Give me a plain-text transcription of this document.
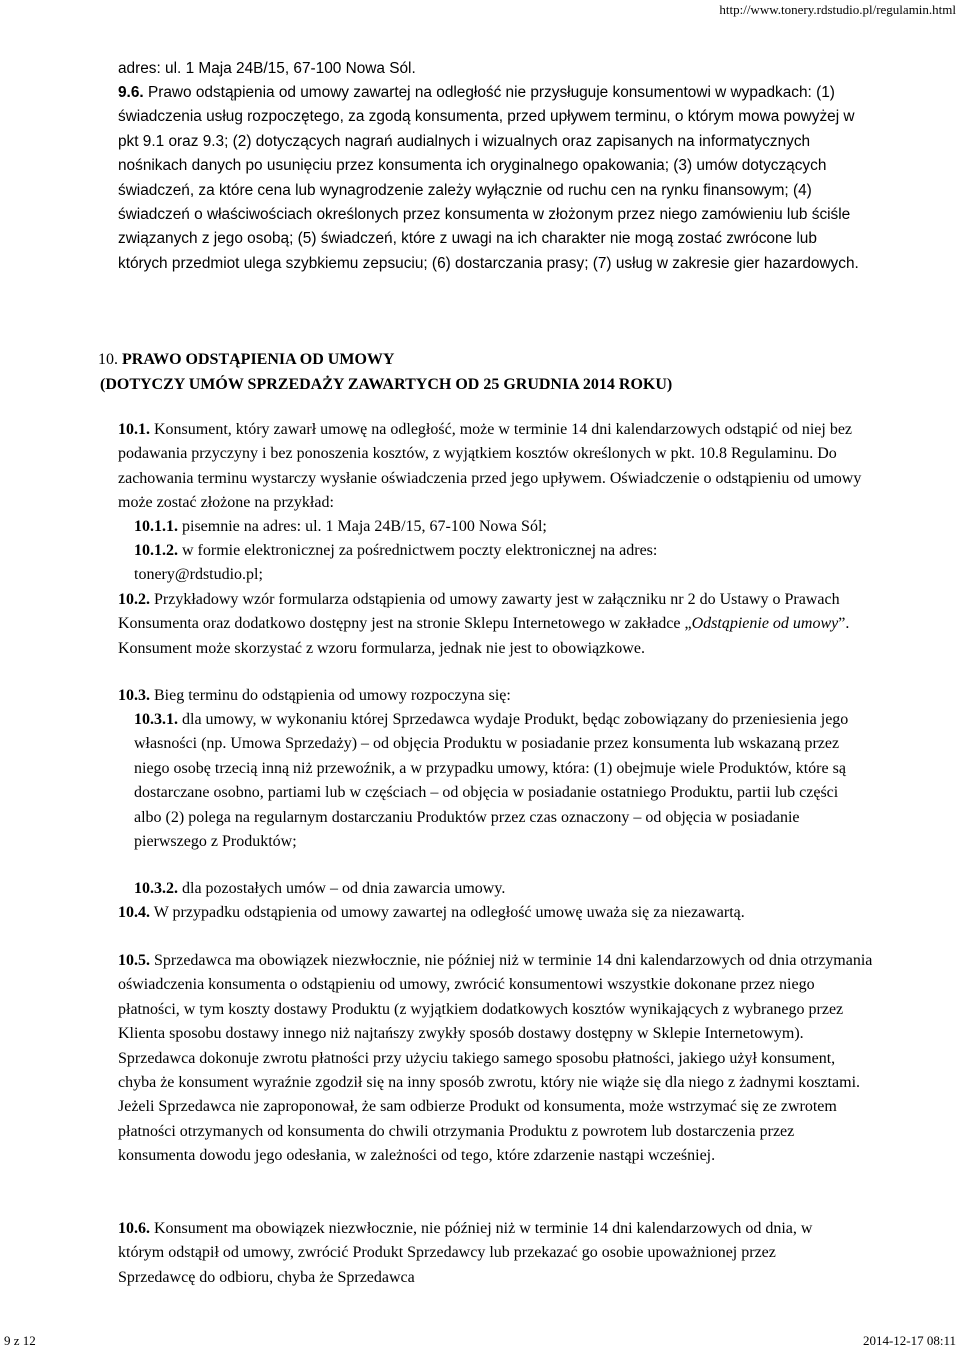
http://www.tonery.rdstudio.pl/regulamin.html

adres: ul. 1 Maja 24B/15, 67-100 Nowa Sól.

9.6. Prawo odstąpienia od umowy zawartej na odległość nie przysługuje konsumentowi w wypadkach: (1) świadczenia usług rozpoczętego, za zgodą konsumenta, przed upływem terminu, o którym mowa powyżej w pkt 9.1 oraz 9.3; (2) dotyczących nagrań audialnych i wizualnych oraz zapisanych na informatycznych nośnikach danych po usunięciu przez konsumenta ich oryginalnego opakowania; (3) umów dotyczących świadczeń, za które cena lub wynagrodzenie zależy wyłącznie od ruchu cen na rynku finansowym; (4) świadczeń o właściwościach określonych przez konsumenta w złożonym przez niego zamówieniu lub ściśle związanych z jego osobą; (5) świadczeń, które z uwagi na ich charakter nie mogą zostać zwrócone lub których przedmiot ulega szybkiemu zepsuciu; (6) dostarczania prasy; (7) usług w zakresie gier hazardowych.

10. PRAWO ODSTĄPIENIA OD UMOWY
(DOTYCZY UMÓW SPRZEDAŻY ZAWARTYCH OD 25 GRUDNIA 2014 ROKU)

10.1. Konsument, który zawarł umowę na odległość, może w terminie 14 dni kalendarzowych odstąpić od niej bez podawania przyczyny i bez ponoszenia kosztów, z wyjątkiem kosztów określonych w pkt. 10.8 Regulaminu. Do zachowania terminu wystarczy wysłanie oświadczenia przed jego upływem. Oświadczenie o odstąpieniu od umowy może zostać złożone na przykład:

10.1.1. pisemnie na adres: ul. 1 Maja 24B/15, 67-100 Nowa Sól;

10.1.2. w formie elektronicznej za pośrednictwem poczty elektronicznej na adres: tonery@rdstudio.pl;

10.2. Przykładowy wzór formularza odstąpienia od umowy zawarty jest w załączniku nr 2 do Ustawy o Prawach Konsumenta oraz dodatkowo dostępny jest na stronie Sklepu Internetowego w zakładce „Odstąpienie od umowy”. Konsument może skorzystać z wzoru formularza, jednak nie jest to obowiązkowe.

10.3. Bieg terminu do odstąpienia od umowy rozpoczyna się:

10.3.1. dla umowy, w wykonaniu której Sprzedawca wydaje Produkt, będąc zobowiązany do przeniesienia jego własności (np. Umowa Sprzedaży) – od objęcia Produktu w posiadanie przez konsumenta lub wskazaną przez niego osobę trzecią inną niż przewoźnik, a w przypadku umowy, która: (1) obejmuje wiele Produktów, które są dostarczane osobno, partiami lub w częściach – od objęcia w posiadanie ostatniego Produktu, partii lub części albo (2) polega na regularnym dostarczaniu Produktów przez czas oznaczony – od objęcia w posiadanie pierwszego z Produktów;

10.3.2. dla pozostałych umów – od dnia zawarcia umowy.

10.4. W przypadku odstąpienia od umowy zawartej na odległość umowę uważa się za niezawartą.

10.5. Sprzedawca ma obowiązek niezwłocznie, nie później niż w terminie 14 dni kalendarzowych od dnia otrzymania oświadczenia konsumenta o odstąpieniu od umowy, zwrócić konsumentowi wszystkie dokonane przez niego płatności, w tym koszty dostawy Produktu (z wyjątkiem dodatkowych kosztów wynikających z wybranego przez Klienta sposobu dostawy innego niż najtańszy zwykły sposób dostawy dostępny w Sklepie Internetowym). Sprzedawca dokonuje zwrotu płatności przy użyciu takiego samego sposobu płatności, jakiego użył konsument, chyba że konsument wyraźnie zgodził się na inny sposób zwrotu, który nie wiąże się dla niego z żadnymi kosztami. Jeżeli Sprzedawca nie zaproponował, że sam odbierze Produkt od konsumenta, może wstrzymać się ze zwrotem płatności otrzymanych od konsumenta do chwili otrzymania Produktu z powrotem lub dostarczenia przez konsumenta dowodu jego odesłania, w zależności od tego, które zdarzenie nastąpi wcześniej.

10.6. Konsument ma obowiązek niezwłocznie, nie później niż w terminie 14 dni kalendarzowych od dnia, w którym odstąpił od umowy, zwrócić Produkt Sprzedawcy lub przekazać go osobie upoważnionej przez Sprzedawcę do odbioru, chyba że Sprzedawca

9 z 12	2014-12-17 08:11
